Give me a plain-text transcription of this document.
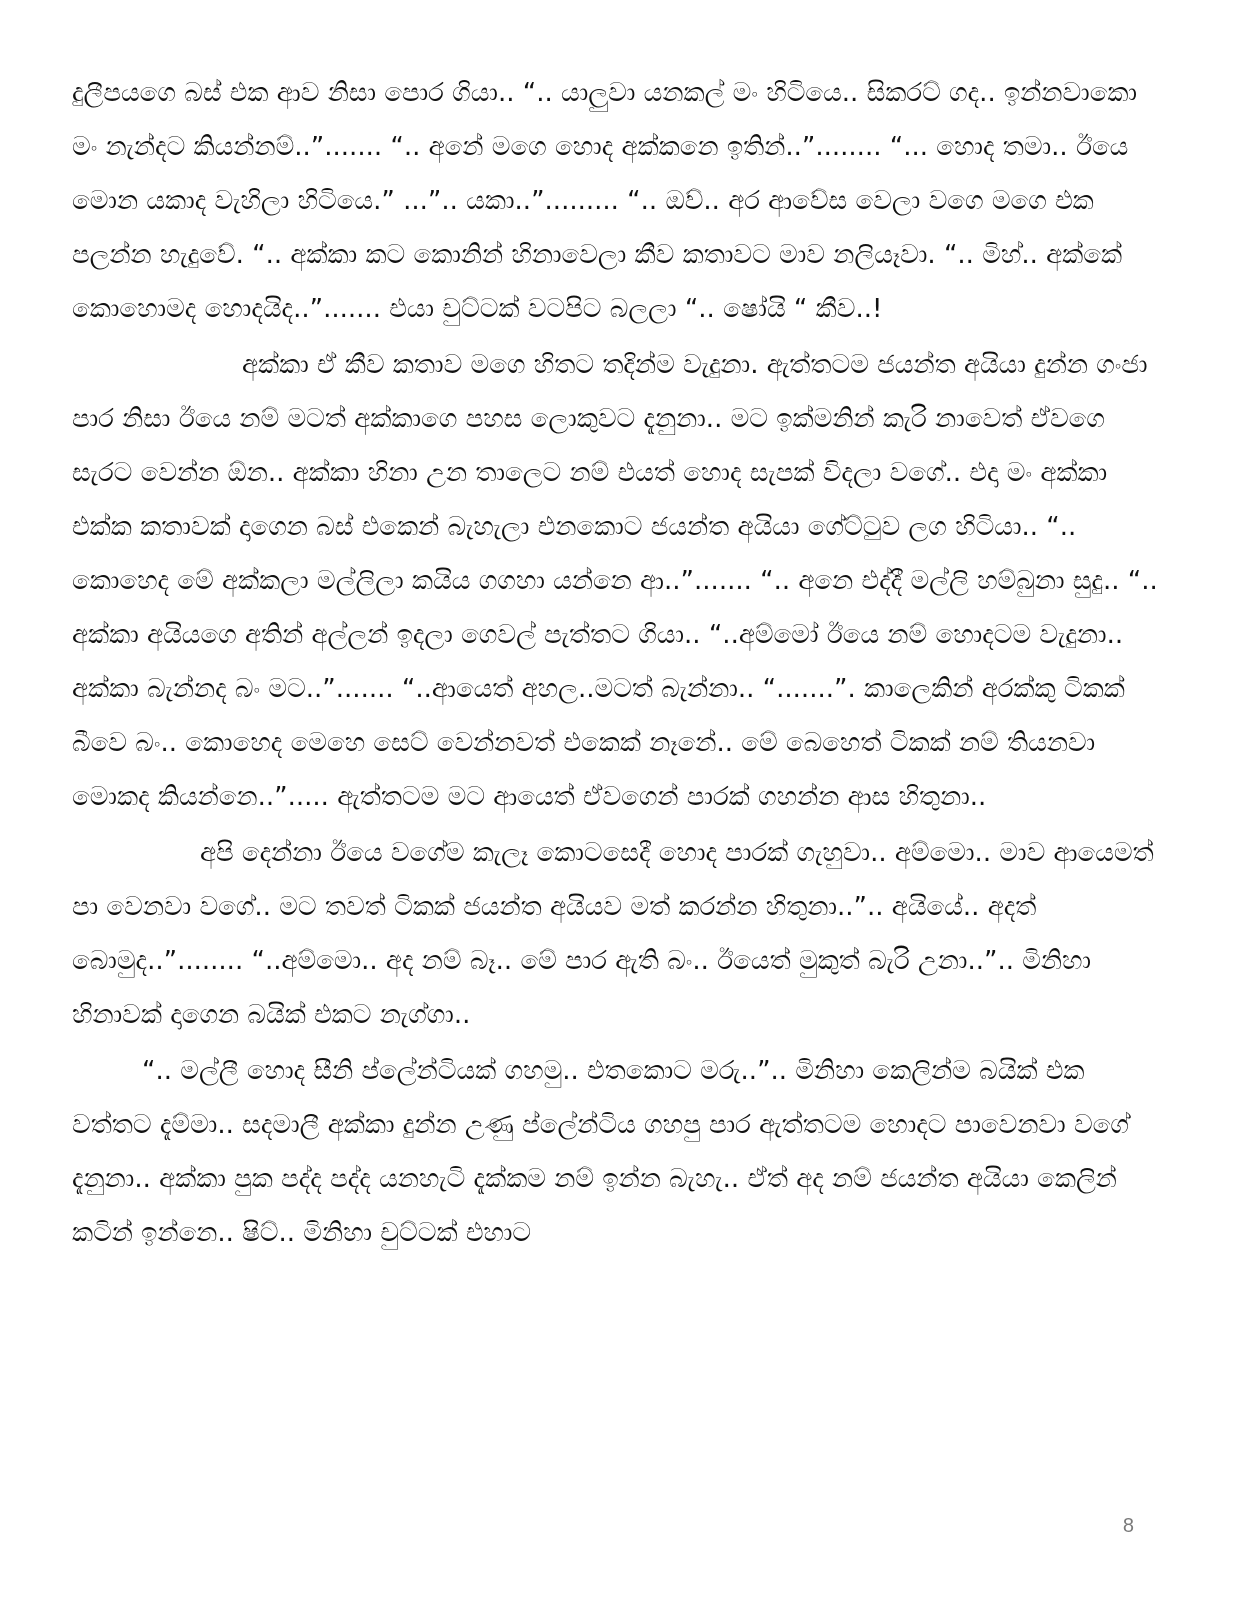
දුලීපයගෙ බස් එක ආව නිසා පොර ගියා.. “.. යාලුවා යනකල් මං හිටියෙ.. සිකරට් ගද.. ඉන්නවාකො මං නැන්දට කියන්නම්..”....... “.. අනේ මගෙ හොද අක්කනෙ ඉතින්..”........ “... හොද තමා.. ඊයෙ මොන යකාද වැහිලා හිටියෙ.” ...”.. යකා..”......... “.. ඔව්.. අර ආවේස වෙලා වගෙ මගෙ එක පලන්න හැදුවේ. “.. අක්කා කට කොනින් හිනාවෙලා කීව කතාවට මාව නලියෑවා. “.. මිහ්.. අක්කේ කොහොමද හොදයිද..”....... එයා චුට්ටක් වටපිට බලලා “.. ෂෝයි “ කීව..!

අක්කා ඒ කීව කතාව මගෙ හිතට තදින්ම වැදුනා. ඇත්තටම ජයන්ත අයියා දුන්න ගංජා පාර නිසා ඊයෙ නම් මටත් අක්කාගෙ පහස ලොකුවට දැනුනා.. මට ඉක්මනින් කැරි නාවෙත් ඒවගෙ සැරට වෙන්න ඕන.. අක්කා හිනා උන තාලෙට නම් එයත් හොද සැපක් විදලා වගේ.. එදා මං අක්කා එක්ක කතාවක් දාගෙන බස් එකෙන් බැහැලා එනකොට ජයන්ත අයියා ගේට්ටුව ලග හිටියා.. “.. කොහෙද මේ අක්කලා මල්ලිලා කයිය ගගහා යන්නෙ ආ..”....... “.. අනෙ එද්දී මල්ලි හම්බුනා සුදු.. “.. අක්කා අයියගෙ අතින් අල්ලන් ඉදලා ගෙවල් පැත්තට ගියා.. “..අම්මෝ ඊයෙ නම් හොදටම වැදුනා.. අක්කා බැන්නද බං මට..”....... “..ආයෙත් අහල..මටත් බැන්නා.. “.......”. කාලෙකින් අරක්කු ටිකක් බීවෙ බං.. කොහෙද මෙහෙ සෙට් වෙන්නවත් එකෙක් නෑනේ.. මේ බෙහෙත් ටිකක් නම් තියනවා මොකද කියන්නෙ..”..... ඇත්තටම මට ආයෙත් ඒවගෙන් පාරක් ගහන්න ආස හිතුනා..

අපි දෙන්නා ඊයෙ වගේම කැලෑ කොටසෙදී හොද පාරක් ගැහුවා.. අම්මො.. මාව ආයෙමත් පා වෙනවා වගේ.. මට තවත් ටිකක් ජයන්ත අයියව මත් කරන්න හිතුනා..”.. අයියේ.. අදත් බොමුද..”........ “..අම්මො.. අද නම් බෑ.. මේ පාර ඇති බං.. ඊයෙත් මුකුත් බැරි උනා..”.. මිනිහා හිනාවක් දාගෙන බයික් එකට නැග්ගා..

“.. මල්ලී හොද සීනි ප්ලේන්ටියක් ගහමු.. එතකොට මරු..”.. මිනිහා කෙලින්ම බයික් එක වත්තට දැම්මා.. සදමාලී අක්කා දුන්න උණු ප්ලේන්ටිය ගහපු පාර ඇත්තටම හොදට පාවෙනවා වගේ දැනුනා.. අක්කා පුක පද්ද පද්ද යනහැටි දැක්කම නම් ඉන්න බැහැ.. ඒත් අද නම් ජයන්ත අයියා කෙලින් කටින් ඉන්නෙ.. ෂිට්.. මිනිහා චුට්ටක් එහාට

8
